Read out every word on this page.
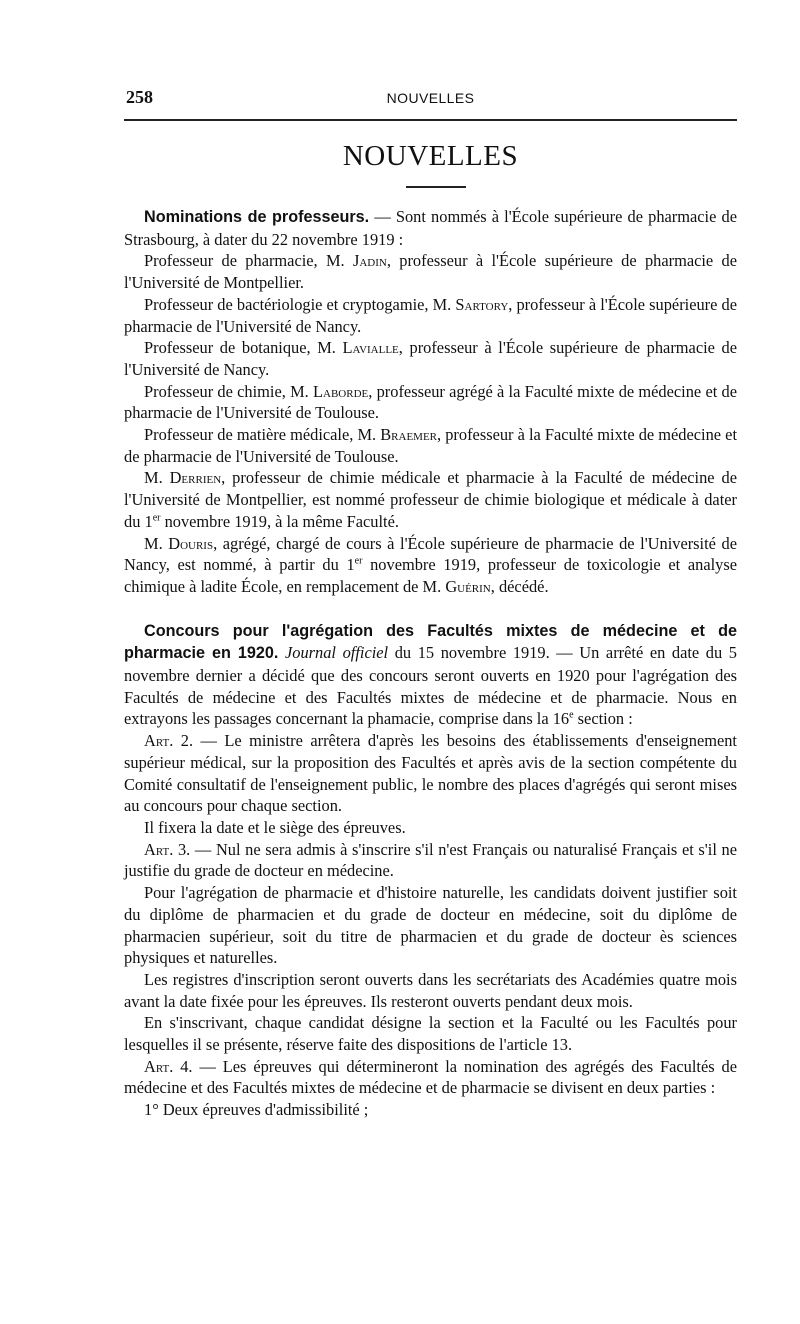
258	NOUVELLES
NOUVELLES

Nominations de professeurs. — Sont nommés à l'École supérieure de pharmacie de Strasbourg, à dater du 22 novembre 1919 :

Professeur de pharmacie, M. Jadin, professeur à l'École supérieure de pharmacie de l'Université de Montpellier.

Professeur de bactériologie et cryptogamie, M. Sartory, professeur à l'École supérieure de pharmacie de l'Université de Nancy.

Professeur de botanique, M. Lavialle, professeur à l'École supérieure de pharmacie de l'Université de Nancy.

Professeur de chimie, M. Laborde, professeur agrégé à la Faculté mixte de médecine et de pharmacie de l'Université de Toulouse.

Professeur de matière médicale, M. Braemer, professeur à la Faculté mixte de médecine et de pharmacie de l'Université de Toulouse.

M. Derrien, professeur de chimie médicale et pharmacie à la Faculté de médecine de l'Université de Montpellier, est nommé professeur de chimie biologique et médicale à dater du 1er novembre 1919, à la même Faculté.

M. Douris, agrégé, chargé de cours à l'École supérieure de pharmacie de l'Université de Nancy, est nommé, à partir du 1er novembre 1919, professeur de toxicologie et analyse chimique à ladite École, en remplacement de M. Guérin, décédé.

Concours pour l'agrégation des Facultés mixtes de médecine et de pharmacie en 1920. Journal officiel du 15 novembre 1919. — Un arrêté en date du 5 novembre dernier a décidé que des concours seront ouverts en 1920 pour l'agrégation des Facultés de médecine et des Facultés mixtes de médecine et de pharmacie. Nous en extrayons les passages concernant la phamacie, comprise dans la 16e section :

Art. 2. — Le ministre arrêtera d'après les besoins des établissements d'enseignement supérieur médical, sur la proposition des Facultés et après avis de la section compétente du Comité consultatif de l'enseignement public, le nombre des places d'agrégés qui seront mises au concours pour chaque section.

Il fixera la date et le siège des épreuves.

Art. 3. — Nul ne sera admis à s'inscrire s'il n'est Français ou naturalisé Français et s'il ne justifie du grade de docteur en médecine.

Pour l'agrégation de pharmacie et d'histoire naturelle, les candidats doivent justifier soit du diplôme de pharmacien et du grade de docteur en médecine, soit du diplôme de pharmacien supérieur, soit du titre de pharmacien et du grade de docteur ès sciences physiques et naturelles.

Les registres d'inscription seront ouverts dans les secrétariats des Académies quatre mois avant la date fixée pour les épreuves. Ils resteront ouverts pendant deux mois.

En s'inscrivant, chaque candidat désigne la section et la Faculté ou les Facultés pour lesquelles il se présente, réserve faite des dispositions de l'article 13.

Art. 4. — Les épreuves qui détermineront la nomination des agrégés des Facultés de médecine et des Facultés mixtes de médecine et de pharmacie se divisent en deux parties :

1° Deux épreuves d'admissibilité ;
